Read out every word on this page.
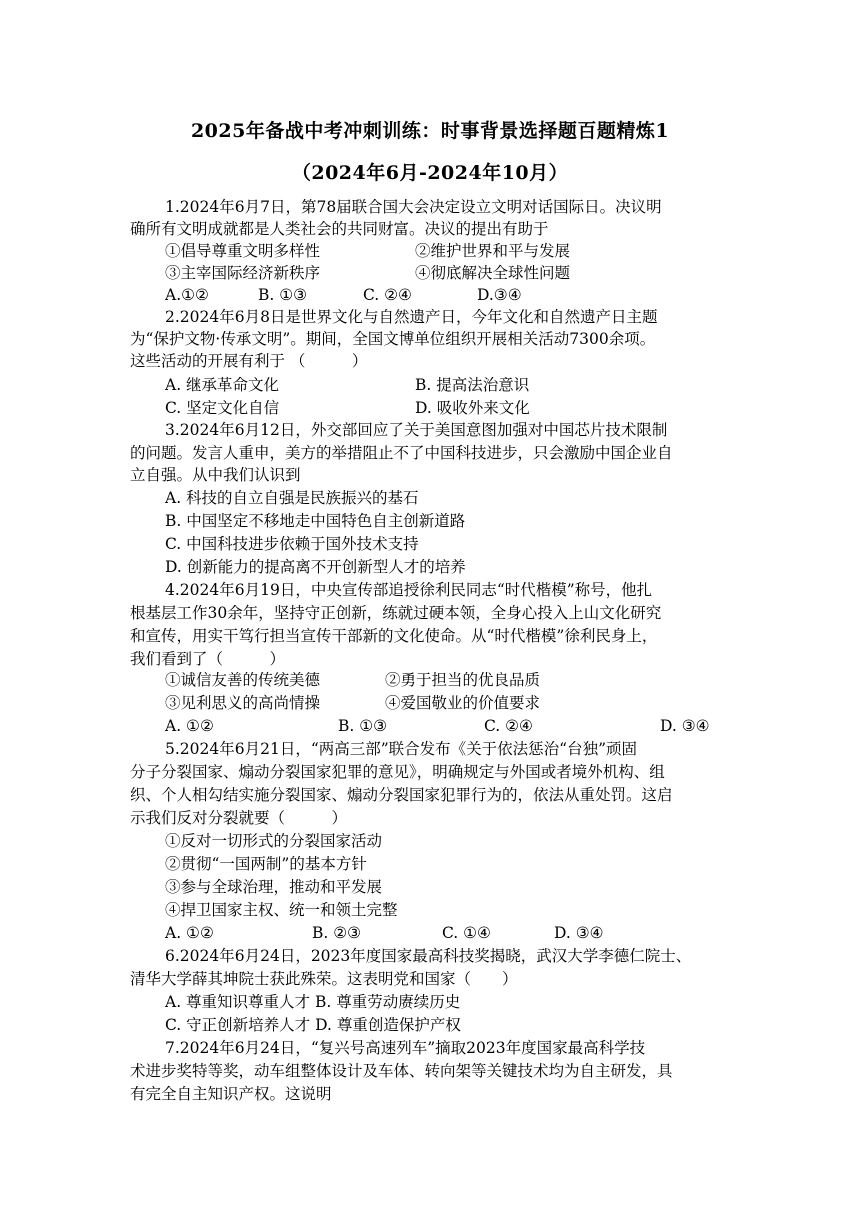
2025年备战中考冲刺训练：时事背景选择题百题精炼1
（2024年6月-2024年10月）
1.2024年6月7日，第78届联合国大会决定设立文明对话国际日。决议明
确所有文明成就都是人类社会的共同财富。决议的提出有助于
①倡导尊重文明多样性	②维护世界和平与发展
③主宰国际经济新秩序	④彻底解决全球性问题
A.①②	B. ①③	C. ②④	D.③④
2.2024年6月8日是世界文化与自然遗产日，今年文化和自然遗产日主题
为“保护文物·传承文明”。期间，全国文博单位组织开展相关活动7300余项。
这些活动的开展有利于 （　　　）
A. 继承革命文化	B. 提高法治意识
C. 坚定文化自信	D. 吸收外来文化
3.2024年6月12日，外交部回应了关于美国意图加强对中国芯片技术限制
的问题。发言人重申，美方的举措阻止不了中国科技进步，只会激励中国企业自
立自强。从中我们认识到
A. 科技的自立自强是民族振兴的基石
B. 中国坚定不移地走中国特色自主创新道路
C. 中国科技进步依赖于国外技术支持
D. 创新能力的提高离不开创新型人才的培养
4.2024年6月19日，中央宣传部追授徐利民同志“时代楷模”称号，他扎
根基层工作30余年，坚持守正创新，练就过硬本领，全身心投入上山文化研究
和宣传，用实干笃行担当宣传干部新的文化使命。从“时代楷模”徐利民身上，
我们看到了（　　　）
①诚信友善的传统美德	②勇于担当的优良品质
③见利思义的高尚情操	④爱国敬业的价值要求
A. ①②	B. ①③	C. ②④	D. ③④
5.2024年6月21日，“两高三部”联合发布《关于依法惩治“台独”顽固
分子分裂国家、煽动分裂国家犯罪的意见》，明确规定与外国或者境外机构、组
织、个人相勾结实施分裂国家、煽动分裂国家犯罪行为的，依法从重处罚。这启
示我们反对分裂就要（　　　）
①反对一切形式的分裂国家活动
②贯彻“一国两制”的基本方针
③参与全球治理，推动和平发展
④捍卫国家主权、统一和领土完整
A. ①②	B. ②③	C. ①④	D. ③④
6.2024年6月24日，2023年度国家最高科技奖揭晓，武汉大学李德仁院士、
清华大学薛其坤院士获此殊荣。这表明党和国家（　　）
A. 尊重知识尊重人才 B. 尊重劳动赓续历史
C. 守正创新培养人才 D. 尊重创造保护产权
7.2024年6月24日，“复兴号高速列车”摘取2023年度国家最高科学技
术进步奖特等奖，动车组整体设计及车体、转向架等关键技术均为自主研发，具
有完全自主知识产权。这说明
